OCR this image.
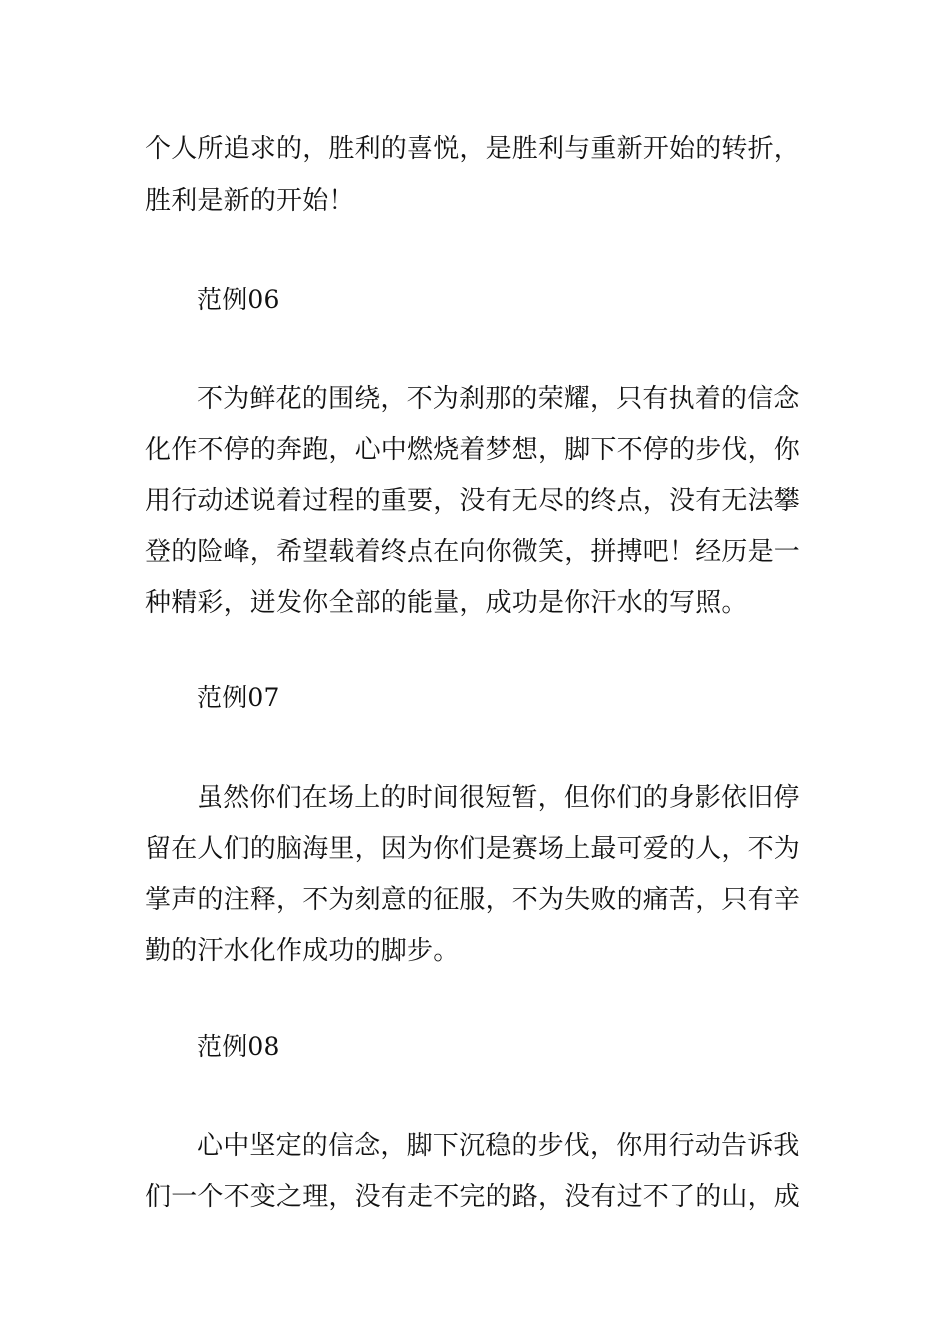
个人所追求的，胜利的喜悦，是胜利与重新开始的转折，
胜利是新的开始！
范例06
不为鲜花的围绕，不为刹那的荣耀，只有执着的信念
化作不停的奔跑，心中燃烧着梦想，脚下不停的步伐，你
用行动述说着过程的重要，没有无尽的终点，没有无法攀
登的险峰，希望载着终点在向你微笑，拼搏吧！经历是一
种精彩，迸发你全部的能量，成功是你汗水的写照。
范例07
虽然你们在场上的时间很短暂，但你们的身影依旧停
留在人们的脑海里，因为你们是赛场上最可爱的人，不为
掌声的注释，不为刻意的征服，不为失败的痛苦，只有辛
勤的汗水化作成功的脚步。
范例08
心中坚定的信念，脚下沉稳的步伐，你用行动告诉我
们一个不变之理，没有走不完的路，没有过不了的山，成
